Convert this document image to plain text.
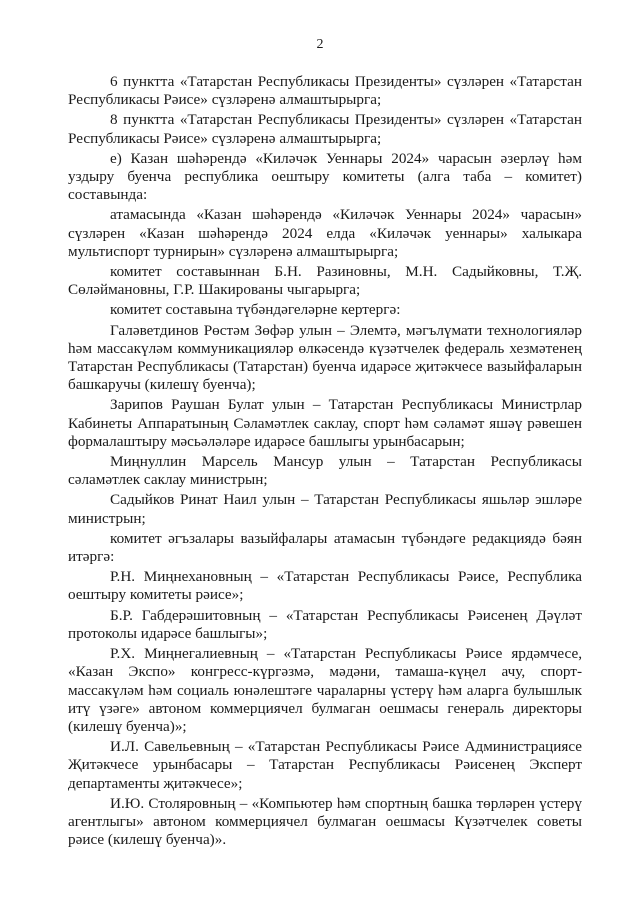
2

6 пунктта «Татарстан Республикасы Президенты» сүзләрен «Татарстан Республикасы Рәисе» сүзләренә алмаштырырга;

8 пунктта «Татарстан Республикасы Президенты» сүзләрен «Татарстан Республикасы Рәисе» сүзләренә алмаштырырга;

е) Казан шәһәрендә «Киләчәк Уеннары 2024» чарасын әзерләү һәм уздыру буенча республика оештыру комитеты (алга таба – комитет) составында:

атамасында «Казан шәһәрендә «Киләчәк Уеннары 2024» чарасын» сүзләрен «Казан шәһәрендә 2024 елда «Киләчәк уеннары» халыкара мультиспорт турнирын» сүзләренә алмаштырырга;

комитет составыннан Б.Н. Разиновны, М.Н. Садыйковны, Т.Җ. Сөләймановны, Г.Р. Шакированы чыгарырга;

комитет составына түбәндәгеләрне кертергә:

Галәветдинов Рөстәм Зөфәр улын – Элемтә, мәгълүмати технологияләр һәм массакүләм коммуникацияләр өлкәсендә күзәтчелек федераль хезмәтенең Татарстан Республикасы (Татарстан) буенча идарәсе җитәкчесе вазыйфаларын башкаручы (килешү буенча);

Зарипов Раушан Булат улын – Татарстан Республикасы Министрлар Кабинеты Аппаратының Сәламәтлек саклау, спорт һәм сәламәт яшәү рәвешен формалаштыру мәсьәләләре идарәсе башлыгы урынбасарын;

Миңнуллин Марсель Мансур улын – Татарстан Республикасы сәламәтлек саклау министрын;

Садыйков Ринат Наил улын – Татарстан Республикасы яшьләр эшләре министрын;

комитет әгъзалары вазыйфалары атамасын түбәндәге редакциядә бәян итәргә:

Р.Н. Миңнехановның – «Татарстан Республикасы Рәисе, Республика оештыру комитеты рәисе»;

Б.Р. Габдерәшитовның – «Татарстан Республикасы Рәисенең Дәүләт протоколы идарәсе башлыгы»;

Р.Х. Миңнегалиевның – «Татарстан Республикасы Рәисе ярдәмчесе, «Казан Экспо» конгресс-күргәзмә, мәдәни, тамаша-күңел ачу, спорт-массакүләм һәм социаль юнәлештәге чараларны үстерү һәм аларга булышлык итү үзәге» автоном коммерциячел булмаган оешмасы генераль директоры (килешү буенча)»;

И.Л. Савельевның – «Татарстан Республикасы Рәисе Администрациясе Җитәкчесе урынбасары – Татарстан Республикасы Рәисенең Эксперт департаменты җитәкчесе»;

И.Ю. Столяровның – «Компьютер һәм спортның башка төрләрен үстерү агентлыгы» автоном коммерциячел булмаган оешмасы Күзәтчелек советы рәисе (килешү буенча)».
